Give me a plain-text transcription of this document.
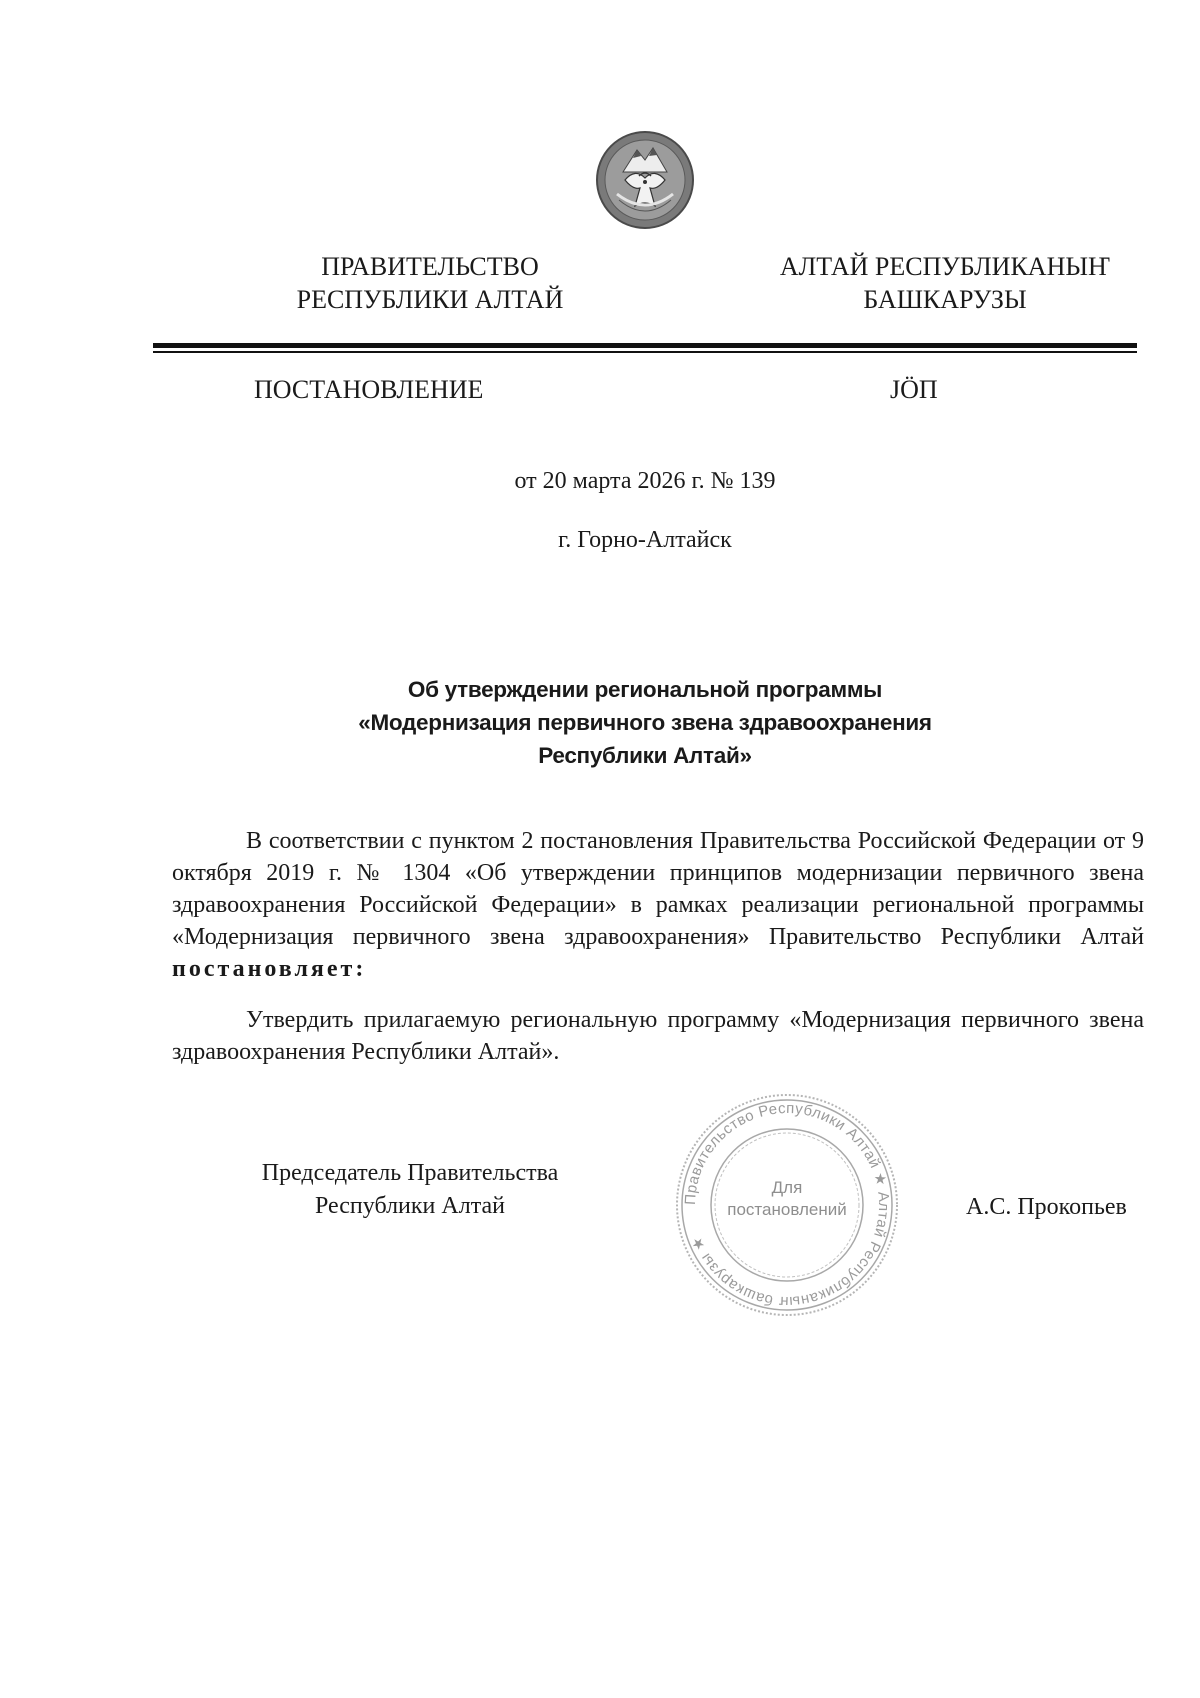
ПРАВИТЕЛЬСТВО
РЕСПУБЛИКИ АЛТАЙ
АЛТАЙ РЕСПУБЛИКАНЫҤ
БАШКАРУЗЫ
ПОСТАНОВЛЕНИЕ	JӦП
от 20 марта 2026 г. № 139
г. Горно-Алтайск
Об утверждении региональной программы
«Модернизация первичного звена здравоохранения
Республики Алтай»
В соответствии с пунктом 2 постановления Правительства Российской Федерации от 9 октября 2019 г. № 1304 «Об утверждении принципов модернизации первичного звена здравоохранения Российской Федерации» в рамках реализации региональной программы «Модернизация первичного звена здравоохранения» Правительство Республики Алтай постановляет:
Утвердить прилагаемую региональную программу «Модернизация первичного звена здравоохранения Республики Алтай».
Председатель Правительства
Республики Алтай	А.С. Прокопьев
Правительство Республики Алтай ★ Алтай Республиканыҥ башкарузы ★
Для
постановлений
